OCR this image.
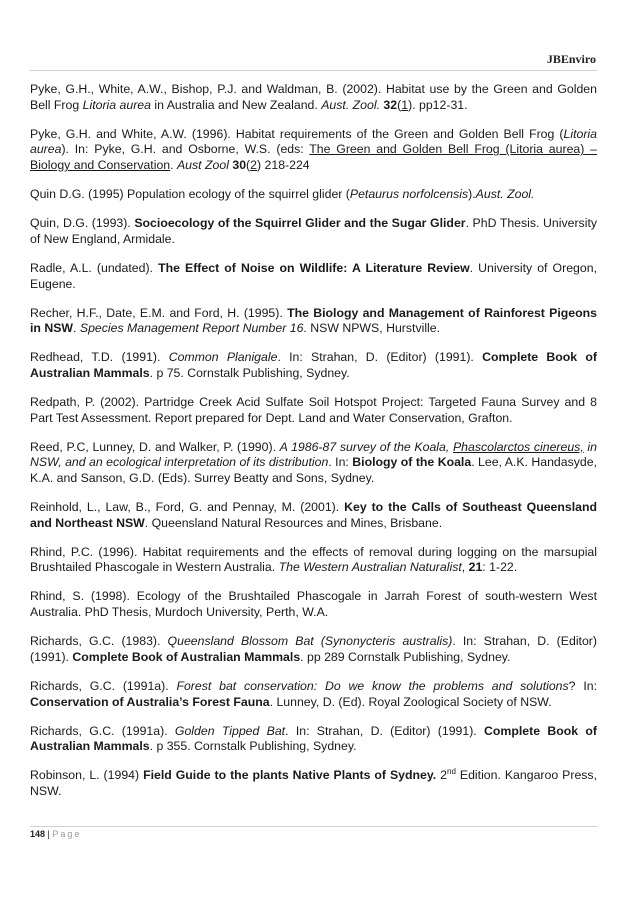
JBEnviro

Pyke, G.H., White, A.W., Bishop, P.J. and Waldman, B. (2002). Habitat use by the Green and Golden Bell Frog Litoria aurea in Australia and New Zealand. Aust. Zool. 32(1). pp12-31.

Pyke, G.H. and White, A.W. (1996). Habitat requirements of the Green and Golden Bell Frog (Litoria aurea). In: Pyke, G.H. and Osborne, W.S. (eds: The Green and Golden Bell Frog (Litoria aurea) – Biology and Conservation. Aust Zool 30(2) 218-224

Quin D.G. (1995) Population ecology of the squirrel glider (Petaurus norfolcensis).Aust. Zool.

Quin, D.G. (1993). Socioecology of the Squirrel Glider and the Sugar Glider. PhD Thesis. University of New England, Armidale.

Radle, A.L. (undated). The Effect of Noise on Wildlife: A Literature Review. University of Oregon, Eugene.

Recher, H.F., Date, E.M. and Ford, H. (1995). The Biology and Management of Rainforest Pigeons in NSW. Species Management Report Number 16. NSW NPWS, Hurstville.

Redhead, T.D. (1991). Common Planigale. In: Strahan, D. (Editor) (1991). Complete Book of Australian Mammals. p 75. Cornstalk Publishing, Sydney.

Redpath, P. (2002). Partridge Creek Acid Sulfate Soil Hotspot Project: Targeted Fauna Survey and 8 Part Test Assessment. Report prepared for Dept. Land and Water Conservation, Grafton.

Reed, P.C, Lunney, D. and Walker, P. (1990). A 1986-87 survey of the Koala, Phascolarctos cinereus, in NSW, and an ecological interpretation of its distribution. In: Biology of the Koala. Lee, A.K. Handasyde, K.A. and Sanson, G.D. (Eds). Surrey Beatty and Sons, Sydney.

Reinhold, L., Law, B., Ford, G. and Pennay, M. (2001). Key to the Calls of Southeast Queensland and Northeast NSW. Queensland Natural Resources and Mines, Brisbane.

Rhind, P.C. (1996). Habitat requirements and the effects of removal during logging on the marsupial Brushtailed Phascogale in Western Australia. The Western Australian Naturalist, 21: 1-22.

Rhind, S. (1998). Ecology of the Brushtailed Phascogale in Jarrah Forest of south-western West Australia. PhD Thesis, Murdoch University, Perth, W.A.

Richards, G.C. (1983). Queensland Blossom Bat (Synonycteris australis). In: Strahan, D. (Editor) (1991). Complete Book of Australian Mammals. pp 289 Cornstalk Publishing, Sydney.

Richards, G.C. (1991a). Forest bat conservation: Do we know the problems and solutions? In: Conservation of Australia’s Forest Fauna. Lunney, D. (Ed). Royal Zoological Society of NSW.

Richards, G.C. (1991a). Golden Tipped Bat. In: Strahan, D. (Editor) (1991). Complete Book of Australian Mammals. p 355. Cornstalk Publishing, Sydney.

Robinson, L. (1994) Field Guide to the plants Native Plants of Sydney. 2nd Edition. Kangaroo Press, NSW.

148 | Page
